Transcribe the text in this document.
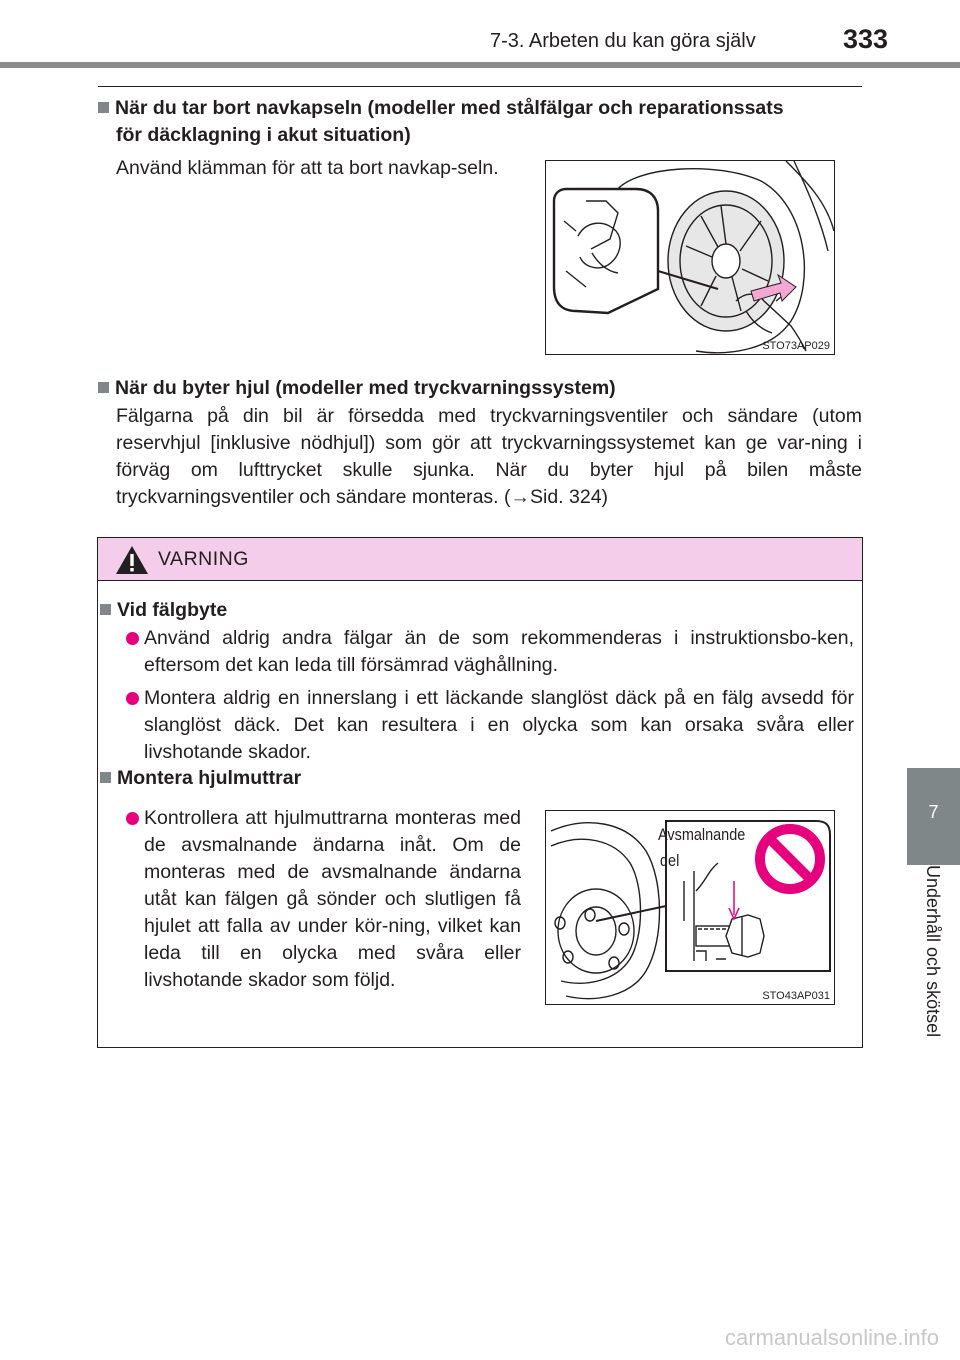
7-3. Arbeten du kan göra själv	333
7
Underhåll och skötsel
När du tar bort navkapseln (modeller med stålfälgar och reparationssats
för däcklagning i akut situation)
Använd klämman för att ta bort navkap-seln.
STO73AP029
När du byter hjul (modeller med tryckvarningssystem)
Fälgarna på din bil är försedda med tryckvarningsventiler och sändare (utom reservhjul [inklusive nödhjul]) som gör att tryckvarningssystemet kan ge var-ning i förväg om lufttrycket skulle sjunka. När du byter hjul på bilen måste tryckvarningsventiler och sändare monteras. (→Sid. 324)
VARNING
Vid fälgbyte
Använd aldrig andra fälgar än de som rekommenderas i instruktionsbo-ken, eftersom det kan leda till försämrad väghållning.
Montera aldrig en innerslang i ett läckande slanglöst däck på en fälg avsedd för slanglöst däck. Det kan resultera i en olycka som kan orsaka svåra eller livshotande skador.
Montera hjulmuttrar
Kontrollera att hjulmuttrarna monteras med de avsmalnande ändarna inåt. Om de monteras med de avsmalnande ändarna utåt kan fälgen gå sönder och slutligen få hjulet att falla av under kör-ning, vilket kan leda till en olycka med svåra eller livshotande skador som följd.
Avsmalnande
del
STO43AP031
carmanualsonline.info
